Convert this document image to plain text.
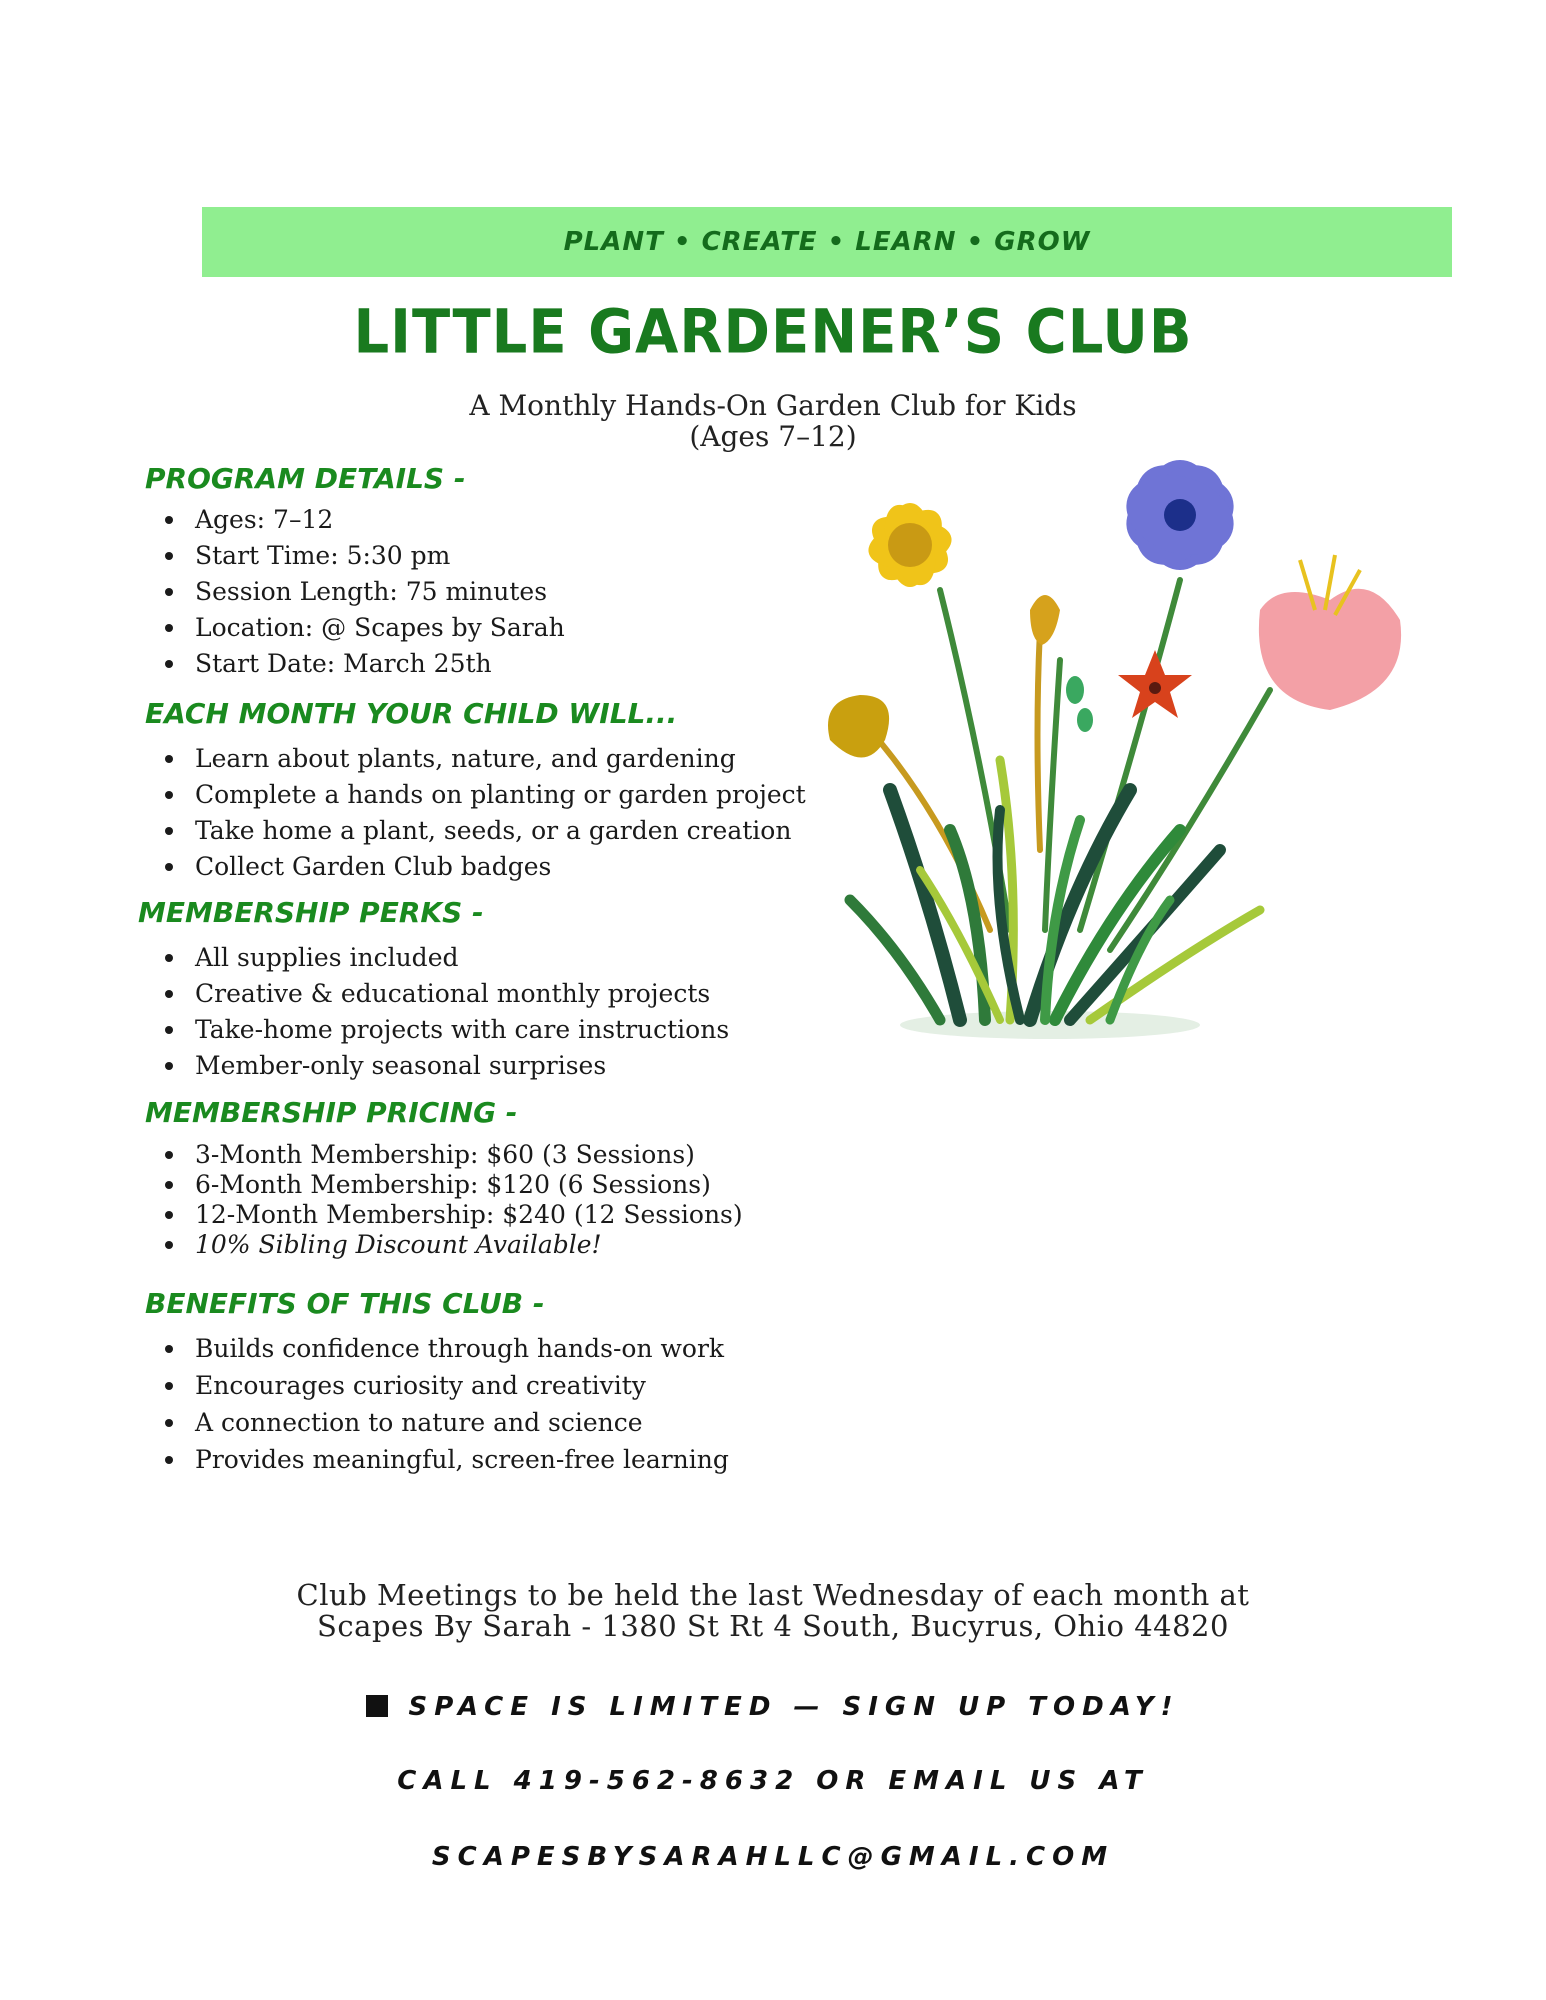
PLANT • CREATE • LEARN • GROW
LITTLE GARDENER’S CLUB
A Monthly Hands-On Garden Club for Kids
(Ages 7–12)
PROGRAM DETAILS -
Ages: 7–12
Start Time: 5:30 pm
Session Length: 75 minutes
Location: @ Scapes by Sarah
Start Date: March 25th
EACH MONTH YOUR CHILD WILL...
Learn about plants, nature, and gardening
Complete a hands on planting or garden project
Take home a plant, seeds, or a garden creation
Collect Garden Club badges
MEMBERSHIP PERKS -
All supplies included
Creative & educational monthly projects
Take-home projects with care instructions
Member-only seasonal surprises
MEMBERSHIP PRICING -
3-Month Membership: $60 (3 Sessions)
6-Month Membership: $120 (6 Sessions)
12-Month Membership: $240 (12 Sessions)
10% Sibling Discount Available!
BENEFITS OF THIS CLUB -
Builds confidence through hands-on work
Encourages curiosity and creativity
A connection to nature and science
Provides meaningful, screen-free learning
Club Meetings to be held the last Wednesday of each month at
Scapes By Sarah - 1380 St Rt 4 South, Bucyrus, Ohio 44820
SPACE IS LIMITED — SIGN UP TODAY!
CALL 419-562-8632 OR EMAIL US AT
SCAPESBYSARAHLLC@GMAIL.COM
